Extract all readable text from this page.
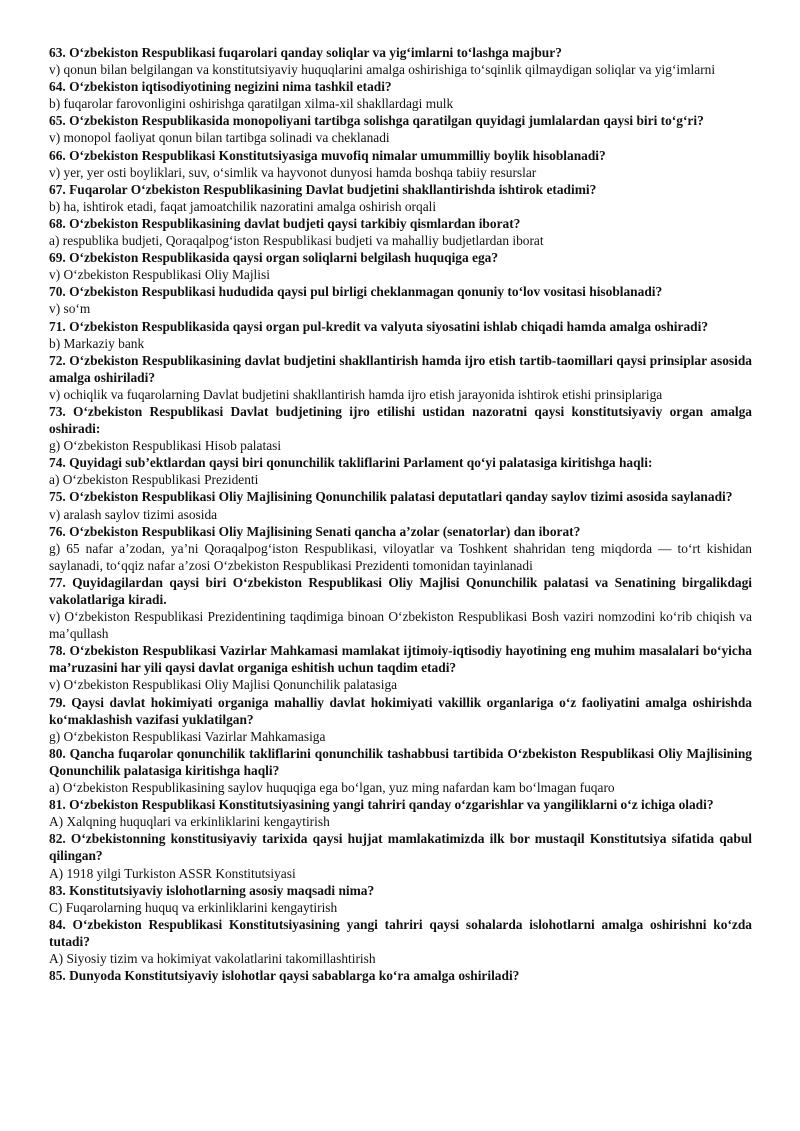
63. O‘zbekiston Respublikasi fuqarolari qanday soliqlar va yig‘imlarni to‘lashga majbur?

v) qonun bilan belgilangan va konstitutsiyaviy huquqlarini amalga oshirishiga to‘sqinlik qilmaydigan soliqlar va yig‘imlarni

64. O‘zbekiston iqtisodiyotining negizini nima tashkil etadi?

b) fuqarolar farovonligini oshirishga qaratilgan xilma-xil shakllardagi mulk

65. O‘zbekiston Respublikasida monopoliyani tartibga solishga qaratilgan quyidagi jumlalardan qaysi biri to‘g‘ri?

v) monopol faoliyat qonun bilan tartibga solinadi va cheklanadi

66. O‘zbekiston Respublikasi Konstitutsiyasiga muvofiq nimalar umummilliy boylik hisoblanadi?

v) yer, yer osti boyliklari, suv, o‘simlik va hayvonot dunyosi hamda boshqa tabiiy resurslar

67. Fuqarolar O‘zbekiston Respublikasining Davlat budjetini shakllantirishda ishtirok etadimi?

b) ha, ishtirok etadi, faqat jamoatchilik nazoratini amalga oshirish orqali

68. O‘zbekiston Respublikasining davlat budjeti qaysi tarkibiy qismlardan iborat?

a) respublika budjeti, Qoraqalpog‘iston Respublikasi budjeti va mahalliy budjetlardan iborat

69. O‘zbekiston Respublikasida qaysi organ soliqlarni belgilash huquqiga ega?

v) O‘zbekiston Respublikasi Oliy Majlisi

70. O‘zbekiston Respublikasi hududida qaysi pul birligi cheklanmagan qonuniy to‘lov vositasi hisoblanadi?

v) so‘m

71. O‘zbekiston Respublikasida qaysi organ pul-kredit va valyuta siyosatini ishlab chiqadi hamda amalga oshiradi?

b) Markaziy bank

72. O‘zbekiston Respublikasining davlat budjetini shakllantirish hamda ijro etish tartib-taomillari qaysi prinsiplar asosida amalga oshiriladi?

v) ochiqlik va fuqarolarning Davlat budjetini shakllantirish hamda ijro etish jarayonida ishtirok etishi prinsiplariga

73. O‘zbekiston Respublikasi Davlat budjetining ijro etilishi ustidan nazoratni qaysi konstitutsiyaviy organ amalga oshiradi:

g) O‘zbekiston Respublikasi Hisob palatasi

74. Quyidagi sub’ektlardan qaysi biri qonunchilik takliflarini Parlament qo‘yi palatasiga kiritishga haqli:

a) O‘zbekiston Respublikasi Prezidenti

75. O‘zbekiston Respublikasi Oliy Majlisining Qonunchilik palatasi deputatlari qanday saylov tizimi asosida saylanadi?

v) aralash saylov tizimi asosida

76. O‘zbekiston Respublikasi Oliy Majlisining Senati qancha a’zolar (senatorlar) dan iborat?

g) 65 nafar a’zodan, ya’ni Qoraqalpog‘iston Respublikasi, viloyatlar va Toshkent shahridan teng miqdorda — to‘rt kishidan saylanadi, to‘qqiz nafar a’zosi O‘zbekiston Respublikasi Prezidenti tomonidan tayinlanadi

77. Quyidagilardan qaysi biri O‘zbekiston Respublikasi Oliy Majlisi Qonunchilik palatasi va Senatining birgalikdagi vakolatlariga kiradi.

v) O‘zbekiston Respublikasi Prezidentining taqdimiga binoan O‘zbekiston Respublikasi Bosh vaziri nomzodini ko‘rib chiqish va ma’qullash

78. O‘zbekiston Respublikasi Vazirlar Mahkamasi mamlakat ijtimoiy-iqtisodiy hayotining eng muhim masalalari bo‘yicha ma’ruzasini har yili qaysi davlat organiga eshitish uchun taqdim etadi?

v) O‘zbekiston Respublikasi Oliy Majlisi Qonunchilik palatasiga

79. Qaysi davlat hokimiyati organiga mahalliy davlat hokimiyati vakillik organlariga o‘z faoliyatini amalga oshirishda ko‘maklashish vazifasi yuklatilgan?

g) O‘zbekiston Respublikasi Vazirlar Mahkamasiga

80. Qancha fuqarolar qonunchilik takliflarini qonunchilik tashabbusi tartibida O‘zbekiston Respublikasi Oliy Majlisining Qonunchilik palatasiga kiritishga haqli?

a) O‘zbekiston Respublikasining saylov huquqiga ega bo‘lgan, yuz ming nafardan kam bo‘lmagan fuqaro

81. O‘zbekiston Respublikasi Konstitutsiyasining yangi tahriri qanday o‘zgarishlar va yangiliklarni o‘z ichiga oladi?

A) Xalqning huquqlari va erkinliklarini kengaytirish

82. O‘zbekistonning konstitusiyaviy tarixida qaysi hujjat mamlakatimizda ilk bor mustaqil Konstitutsiya sifatida qabul qilingan?

A) 1918 yilgi Turkiston ASSR Konstitutsiyasi

83. Konstitutsiyaviy islohotlarning asosiy maqsadi nima?

C) Fuqarolarning huquq va erkinliklarini kengaytirish

84. O‘zbekiston Respublikasi Konstitutsiyasining yangi tahriri qaysi sohalarda islohotlarni amalga oshirishni ko‘zda tutadi?

A) Siyosiy tizim va hokimiyat vakolatlarini takomillashtirish

85. Dunyoda Konstitutsiyaviy islohotlar qaysi sabablarga ko‘ra amalga oshiriladi?
